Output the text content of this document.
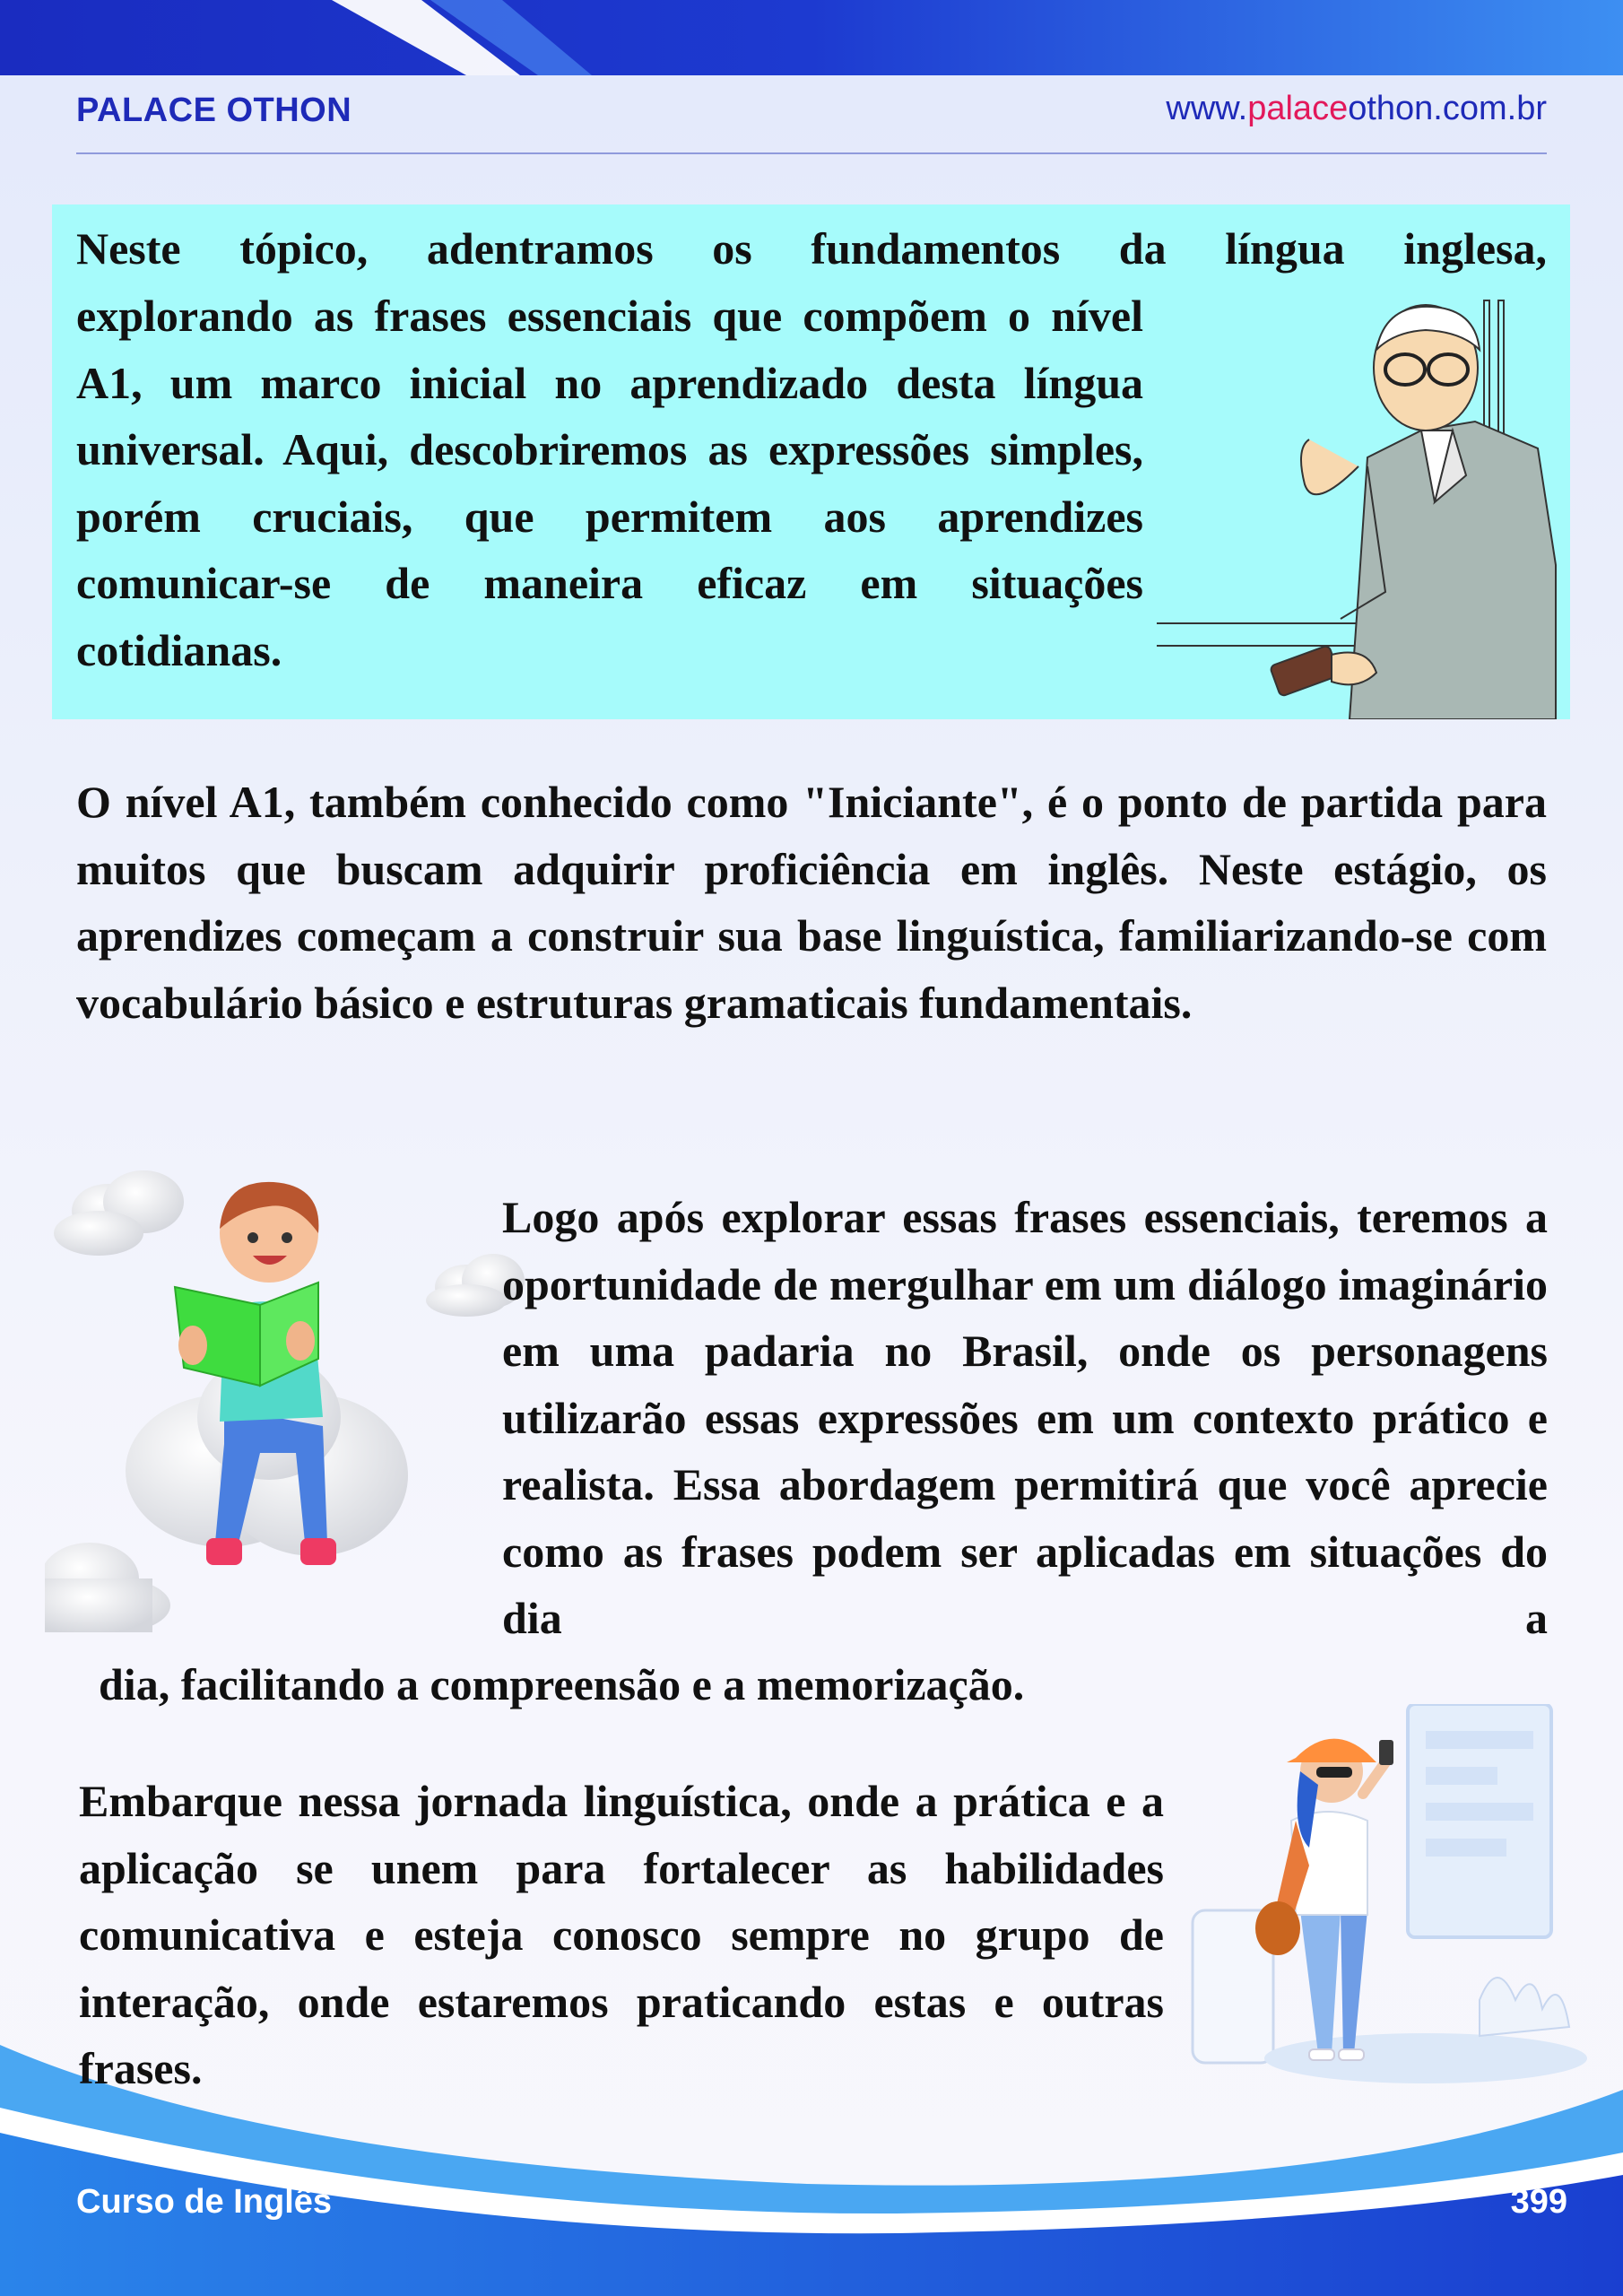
PALACE OTHON	www.palaceothon.com.br
Neste tópico, adentramos os fundamentos da língua inglesa,
explorando as frases essenciais que compõem o nível A1, um marco inicial no aprendizado desta língua universal. Aqui, descobriremos as expressões simples, porém cruciais, que permitem aos aprendizes comunicar-se de maneira eficaz em situações cotidianas.
O nível A1, também conhecido como "Iniciante", é o ponto de partida para muitos que buscam adquirir proficiência em inglês. Neste estágio, os aprendizes começam a construir sua base linguística, familiarizando-se com vocabulário básico e estruturas gramaticais fundamentais.
Logo após explorar essas frases essenciais, teremos a oportunidade de mergulhar em um diálogo imaginário em uma padaria no Brasil, onde os personagens utilizarão essas expressões em um contexto prático e realista. Essa abordagem permitirá que você aprecie como as frases podem ser aplicadas em situações do dia a
dia, facilitando a compreensão e a memorização.
Embarque nessa jornada linguística, onde a prática e a aplicação se unem para fortalecer as habilidades comunicativa e esteja conosco sempre no grupo de interação, onde estaremos praticando estas e outras frases.
Curso de Inglês	399
